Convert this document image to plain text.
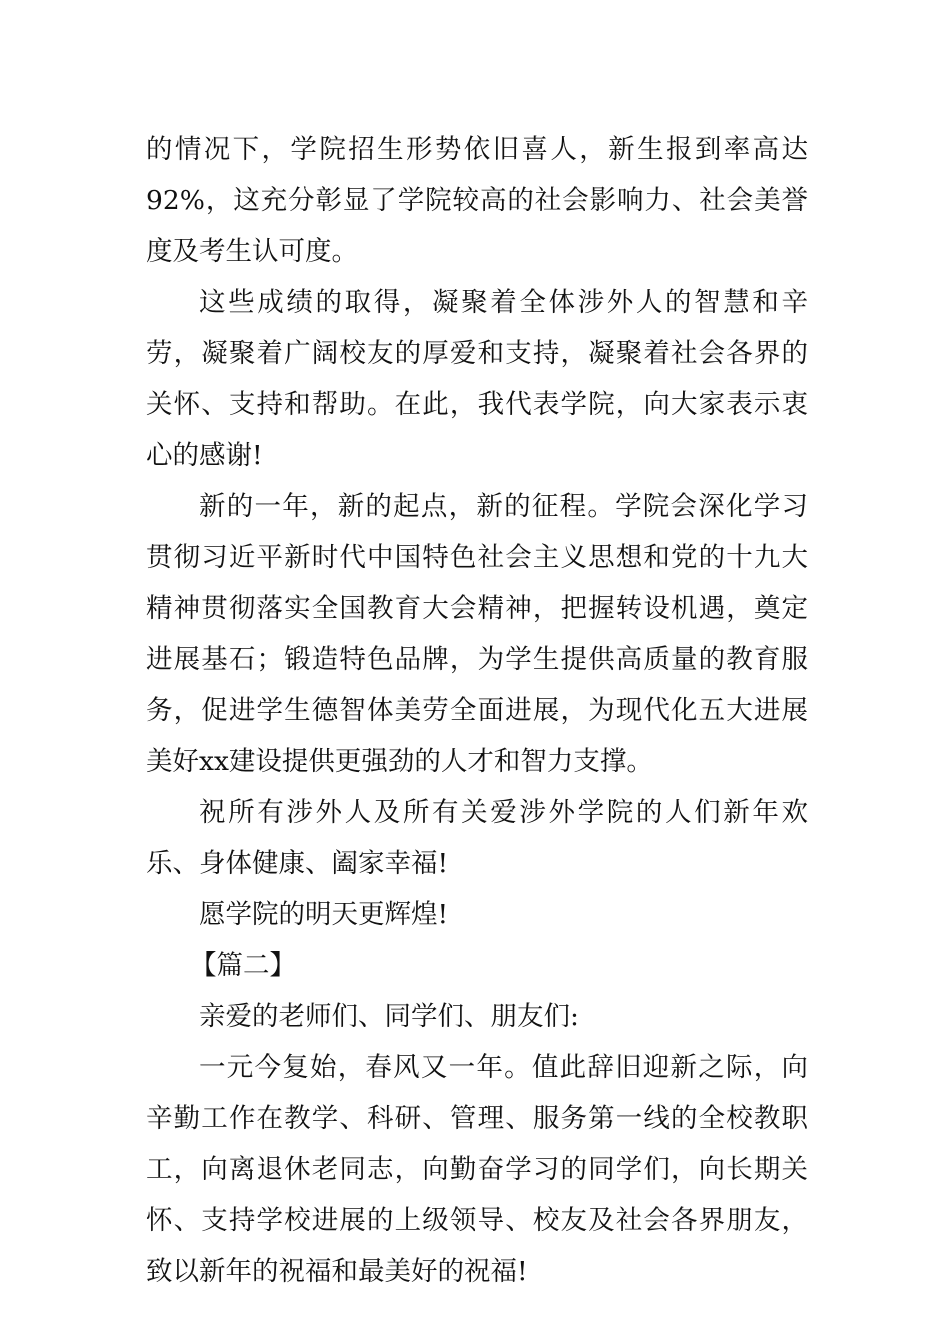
的情况下，学院招生形势依旧喜人，新生报到率高达92%，这充分彰显了学院较高的社会影响力、社会美誉度及考生认可度。

这些成绩的取得，凝聚着全体涉外人的智慧和辛劳，凝聚着广阔校友的厚爱和支持，凝聚着社会各界的关怀、支持和帮助。在此，我代表学院，向大家表示衷心的感谢!

新的一年，新的起点，新的征程。学院会深化学习贯彻习近平新时代中国特色社会主义思想和党的十九大精神贯彻落实全国教育大会精神，把握转设机遇，奠定进展基石；锻造特色品牌，为学生提供高质量的教育服务，促进学生德智体美劳全面进展，为现代化五大进展美好xx建设提供更强劲的人才和智力支撑。

祝所有涉外人及所有关爱涉外学院的人们新年欢乐、身体健康、阖家幸福!

愿学院的明天更辉煌!

【篇二】

亲爱的老师们、同学们、朋友们:

一元今复始，春风又一年。值此辞旧迎新之际，向辛勤工作在教学、科研、管理、服务第一线的全校教职工，向离退休老同志，向勤奋学习的同学们，向长期关怀、支持学校进展的上级领导、校友及社会各界朋友，致以新年的祝福和最美好的祝福!
